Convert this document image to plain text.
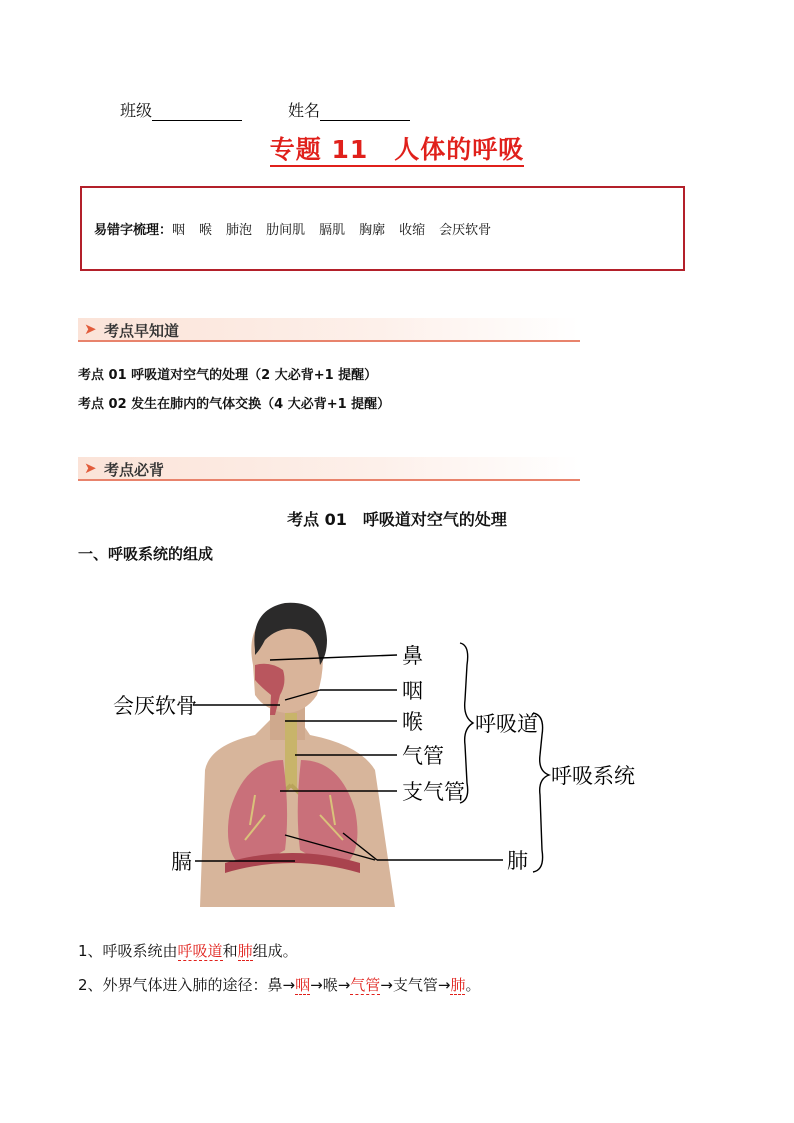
班级	姓名
专题 11　人体的呼吸
易错字梳理：咽 喉 肺泡 肋间肌 膈肌 胸廓 收缩 会厌软骨
➤ 考点早知道
考点 01 呼吸道对空气的处理（2 大必背+1 提醒）
考点 02 发生在肺内的气体交换（4 大必背+1 提醒）
➤ 考点必背
考点 01　呼吸道对空气的处理
一、呼吸系统的组成
鼻
咽
喉
气管
支气管
肺
会厌软骨
膈
呼吸道
呼吸系统
1、呼吸系统由呼吸道和肺组成。
2、外界气体进入肺的途径：鼻→咽→喉→气管→支气管→肺。
